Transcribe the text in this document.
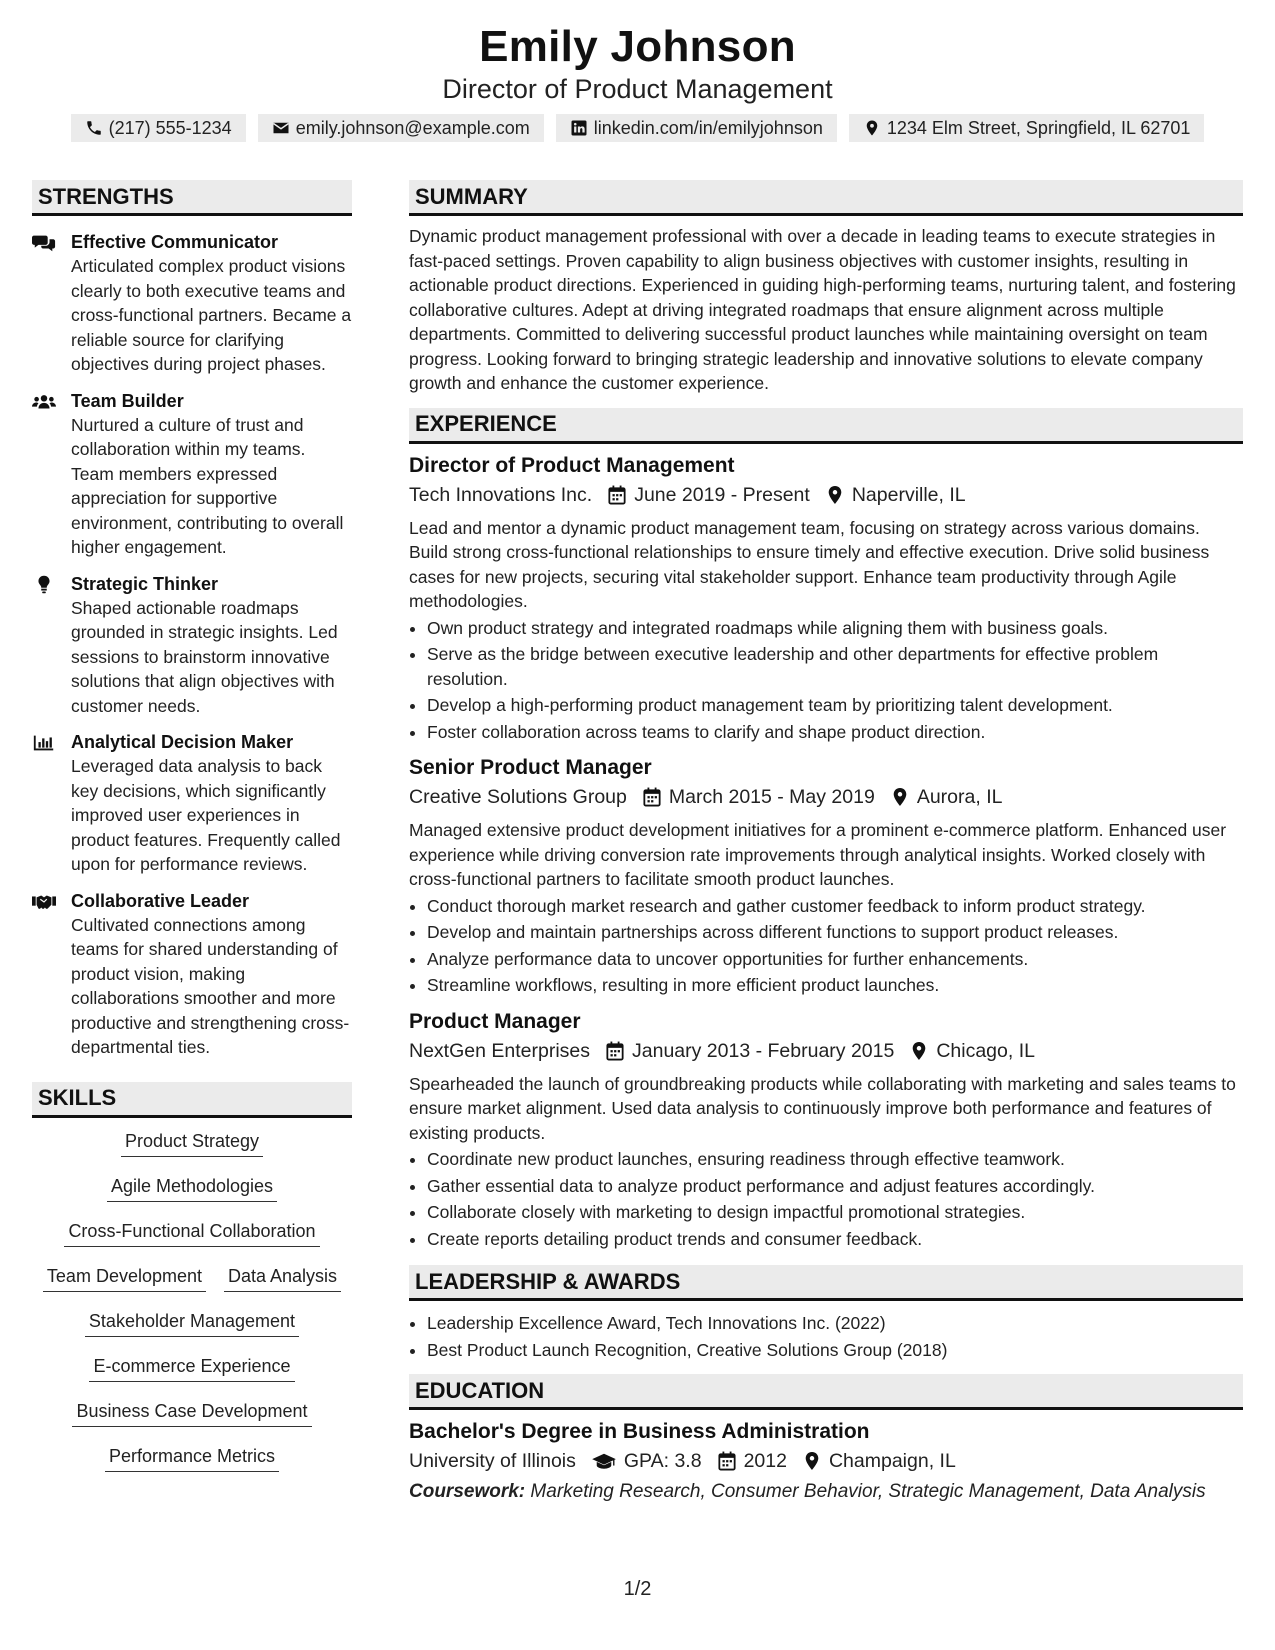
Emily Johnson
Director of Product Management
(217) 555-1234	emily.johnson@example.com	linkedin.com/in/emilyjohnson	1234 Elm Street, Springfield, IL 62701
STRENGTHS
Effective Communicator
Articulated complex product visions clearly to both executive teams and cross-functional partners. Became a reliable source for clarifying objectives during project phases.
Team Builder
Nurtured a culture of trust and collaboration within my teams. Team members expressed appreciation for supportive environment, contributing to overall higher engagement.
Strategic Thinker
Shaped actionable roadmaps grounded in strategic insights. Led sessions to brainstorm innovative solutions that align objectives with customer needs.
Analytical Decision Maker
Leveraged data analysis to back key decisions, which significantly improved user experiences in product features. Frequently called upon for performance reviews.
Collaborative Leader
Cultivated connections among teams for shared understanding of product vision, making collaborations smoother and more productive and strengthening cross-departmental ties.
SKILLS
Product Strategy
Agile Methodologies
Cross-Functional Collaboration
Team Development Data Analysis
Stakeholder Management
E-commerce Experience
Business Case Development
Performance Metrics
SUMMARY
Dynamic product management professional with over a decade in leading teams to execute strategies in fast-paced settings. Proven capability to align business objectives with customer insights, resulting in actionable product directions. Experienced in guiding high-performing teams, nurturing talent, and fostering collaborative cultures. Adept at driving integrated roadmaps that ensure alignment across multiple departments. Committed to delivering successful product launches while maintaining oversight on team progress. Looking forward to bringing strategic leadership and innovative solutions to elevate company growth and enhance the customer experience.
EXPERIENCE
Director of Product Management
Tech Innovations Inc. June 2019 - Present Naperville, IL
Lead and mentor a dynamic product management team, focusing on strategy across various domains. Build strong cross-functional relationships to ensure timely and effective execution. Drive solid business cases for new projects, securing vital stakeholder support. Enhance team productivity through Agile methodologies.
• Own product strategy and integrated roadmaps while aligning them with business goals.
• Serve as the bridge between executive leadership and other departments for effective problem resolution.
• Develop a high-performing product management team by prioritizing talent development.
• Foster collaboration across teams to clarify and shape product direction.
Senior Product Manager
Creative Solutions Group March 2015 - May 2019 Aurora, IL
Managed extensive product development initiatives for a prominent e-commerce platform. Enhanced user experience while driving conversion rate improvements through analytical insights. Worked closely with cross-functional partners to facilitate smooth product launches.
• Conduct thorough market research and gather customer feedback to inform product strategy.
• Develop and maintain partnerships across different functions to support product releases.
• Analyze performance data to uncover opportunities for further enhancements.
• Streamline workflows, resulting in more efficient product launches.
Product Manager
NextGen Enterprises January 2013 - February 2015 Chicago, IL
Spearheaded the launch of groundbreaking products while collaborating with marketing and sales teams to ensure market alignment. Used data analysis to continuously improve both performance and features of existing products.
• Coordinate new product launches, ensuring readiness through effective teamwork.
• Gather essential data to analyze product performance and adjust features accordingly.
• Collaborate closely with marketing to design impactful promotional strategies.
• Create reports detailing product trends and consumer feedback.
LEADERSHIP & AWARDS
• Leadership Excellence Award, Tech Innovations Inc. (2022)
• Best Product Launch Recognition, Creative Solutions Group (2018)
EDUCATION
Bachelor's Degree in Business Administration
University of Illinois GPA: 3.8 2012 Champaign, IL
Coursework: Marketing Research, Consumer Behavior, Strategic Management, Data Analysis
1/2
